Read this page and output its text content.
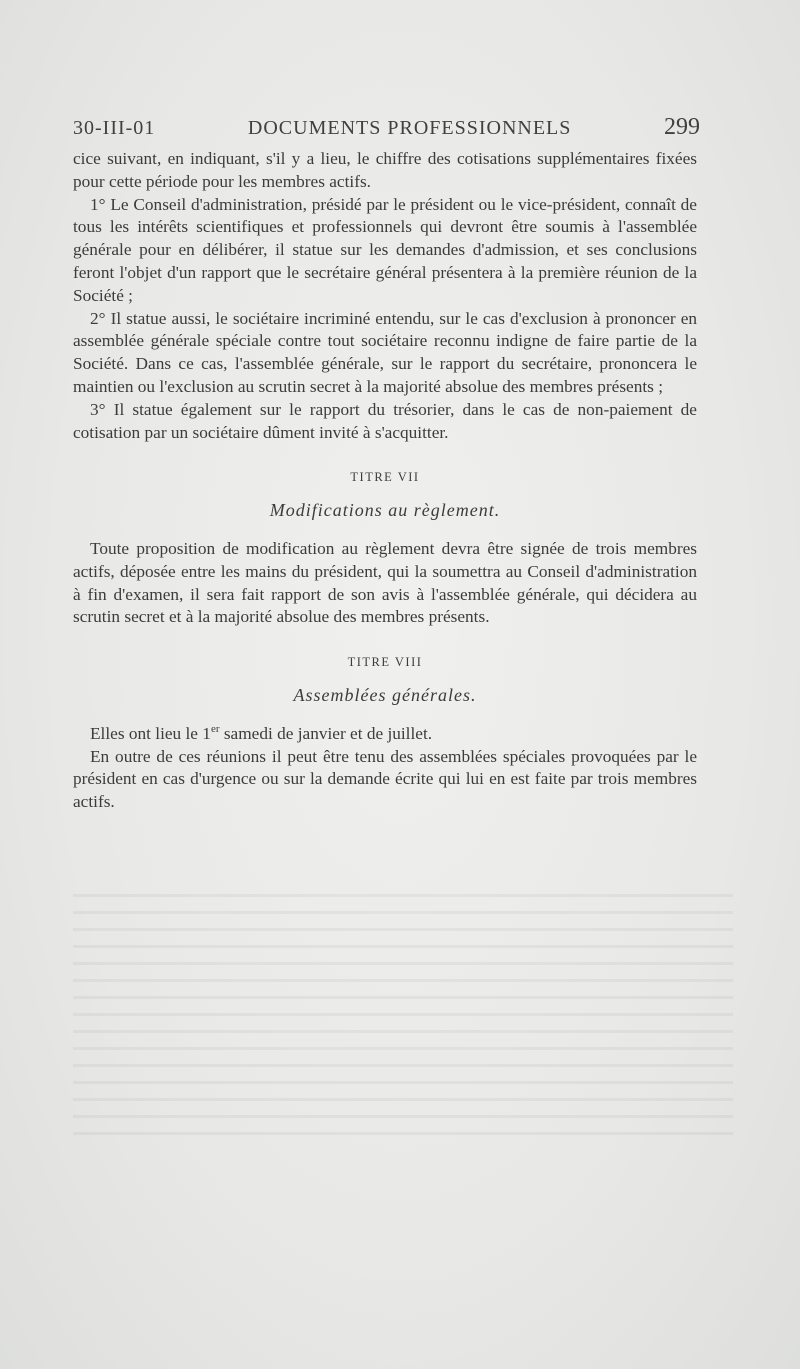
30-III-01	DOCUMENTS PROFESSIONNELS	299

cice suivant, en indiquant, s'il y a lieu, le chiffre des cotisations supplémentaires fixées pour cette période pour les membres actifs.

1° Le Conseil d'administration, présidé par le président ou le vice-président, connaît de tous les intérêts scientifiques et professionnels qui devront être soumis à l'assemblée générale pour en délibérer, il statue sur les demandes d'admission, et ses conclusions feront l'objet d'un rapport que le secrétaire général présentera à la première réunion de la Société ;

2° Il statue aussi, le sociétaire incriminé entendu, sur le cas d'exclusion à prononcer en assemblée générale spéciale contre tout sociétaire reconnu indigne de faire partie de la Société. Dans ce cas, l'assemblée générale, sur le rapport du secrétaire, prononcera le maintien ou l'exclusion au scrutin secret à la majorité absolue des membres présents ;

3° Il statue également sur le rapport du trésorier, dans le cas de non-paiement de cotisation par un sociétaire dûment invité à s'acquitter.

TITRE VII

Modifications au règlement.

Toute proposition de modification au règlement devra être signée de trois membres actifs, déposée entre les mains du président, qui la soumettra au Conseil d'administration à fin d'examen, il sera fait rapport de son avis à l'assemblée générale, qui décidera au scrutin secret et à la majorité absolue des membres présents.

TITRE VIII

Assemblées générales.

Elles ont lieu le 1er samedi de janvier et de juillet.

En outre de ces réunions il peut être tenu des assemblées spéciales provoquées par le président en cas d'urgence ou sur la demande écrite qui lui en est faite par trois membres actifs.
